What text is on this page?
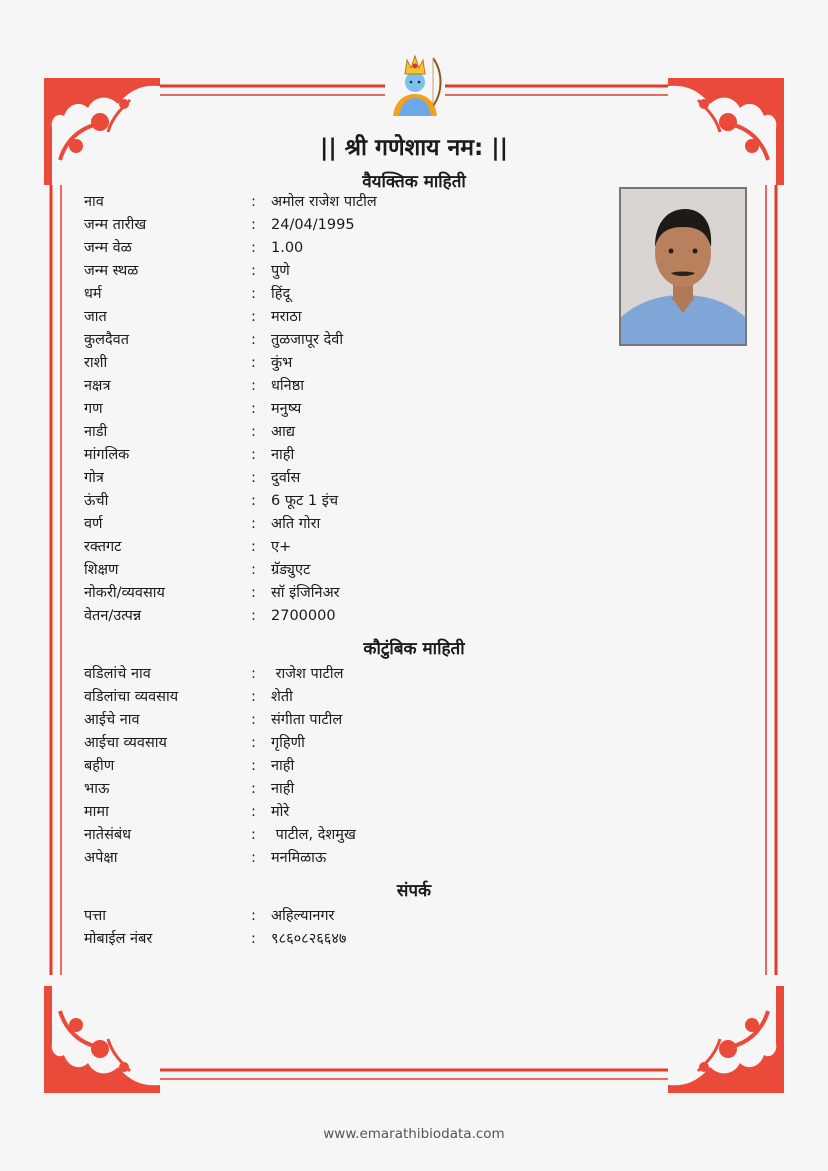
|| श्री गणेशाय नम: ||
वैयक्तिक माहिती
नाव	: अमोल राजेश पाटील
जन्म तारीख	: 24/04/1995
जन्म वेळ	: 1.00
जन्म स्थळ	: पुणे
धर्म	: हिंदू
जात	: मराठा
कुलदैवत	: तुळजापूर देवी
राशी	: कुंभ
नक्षत्र	: धनिष्ठा
गण	: मनुष्य
नाडी	: आद्य
मांगलिक	: नाही
गोत्र	: दुर्वास
ऊंची	: 6 फूट 1 इंच
वर्ण	: अति गोरा
रक्तगट	: ए+
शिक्षण	: ग्रॅड्युएट
नोकरी/व्यवसाय	: सॉ इंजिनिअर
वेतन/उत्पन्न	: 2700000
कौटुंबिक माहिती
वडिलांचे नाव	: राजेश पाटील
वडिलांचा व्यवसाय	: शेती
आईचे नाव	: संगीता पाटील
आईचा व्यवसाय	: गृहिणी
बहीण	: नाही
भाऊ	: नाही
मामा	: मोरे
नातेसंबंध	: पाटील, देशमुख
अपेक्षा	: मनमिळाऊ
संपर्क
पत्ता	: अहिल्यानगर
मोबाईल नंबर	: ९८६०८२६६४७
www.emarathibiodata.com
